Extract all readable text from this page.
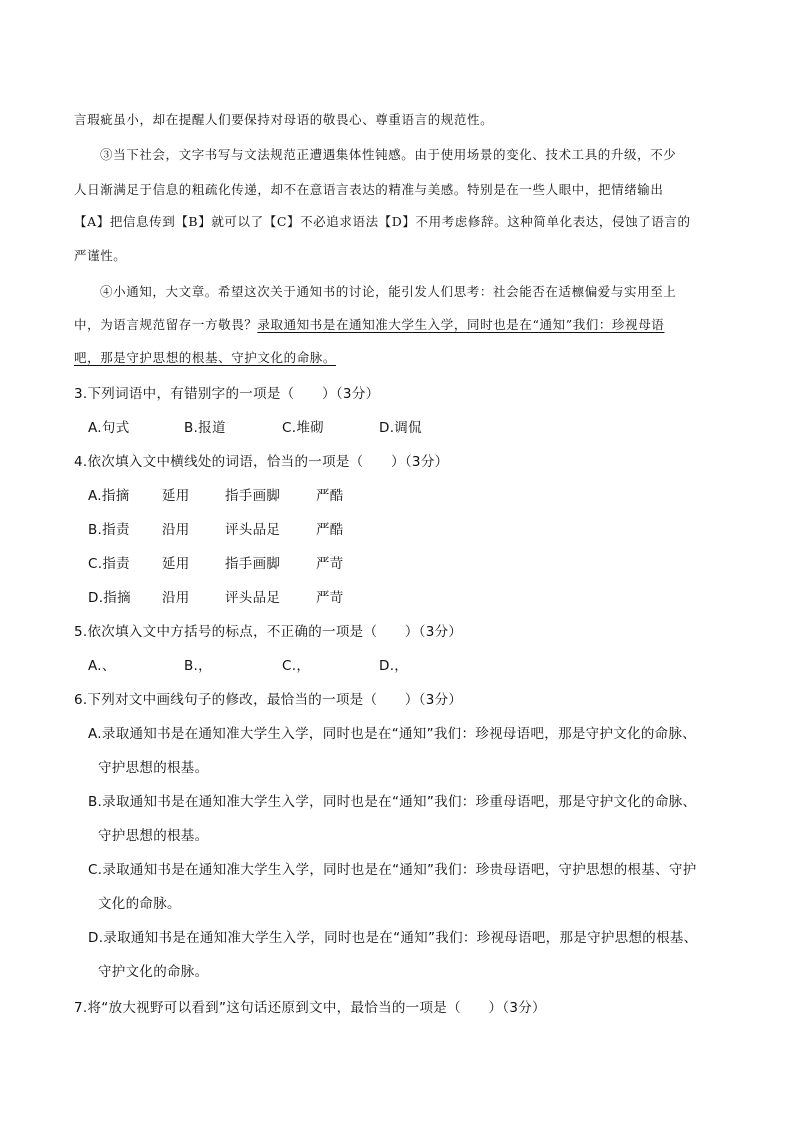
言瑕疵虽小，却在提醒人们要保持对母语的敬畏心、尊重语言的规范性。
③当下社会，文字书写与文法规范正遭遇集体性钝感。由于使用场景的变化、技术工具的升级，不少
人日渐满足于信息的粗疏化传递，却不在意语言表达的精准与美感。特别是在一些人眼中，把情绪输出
【A】把信息传到【B】就可以了【C】不必追求语法【D】不用考虑修辞。这种简单化表达，侵蚀了语言的
严谨性。
④小通知，大文章。希望这次关于通知书的讨论，能引发人们思考：社会能否在适檩偏爱与实用至上
中，为语言规范留存一方敬畏？录取通知书是在通知准大学生入学，同时也是在“通知”我们：珍视母语
吧，那是守护思想的根基、守护文化的命脉。
3.下列词语中，有错别字的一项是（　　）（3分）
A.句式	B.报道	C.堆砌	D.调侃
4.依次填入文中横线处的词语，恰当的一项是（　　）（3分）
A.指摘 延用	指手画脚	严酷
B.指责 沿用	评头品足	严酷
C.指责 延用	指手画脚	严苛
D.指摘 沿用	评头品足	严苛
5.依次填入文中方括号的标点，不正确的一项是（　　）（3分）
A.、	B.，	C.，	D.，
6.下列对文中画线句子的修改，最恰当的一项是（　　）（3分）
A.录取通知书是在通知准大学生入学，同时也是在“通知”我们：珍视母语吧，那是守护文化的命脉、
守护思想的根基。
B.录取通知书是在通知准大学生入学，同时也是在“通知”我们：珍重母语吧，那是守护文化的命脉、
守护思想的根基。
C.录取通知书是在通知准大学生入学，同时也是在“通知”我们：珍贵母语吧，守护思想的根基、守护
文化的命脉。
D.录取通知书是在通知准大学生入学，同时也是在“通知”我们：珍视母语吧，那是守护思想的根基、
守护文化的命脉。
7.将“放大视野可以看到”这句话还原到文中，最恰当的一项是（　　）（3分）
